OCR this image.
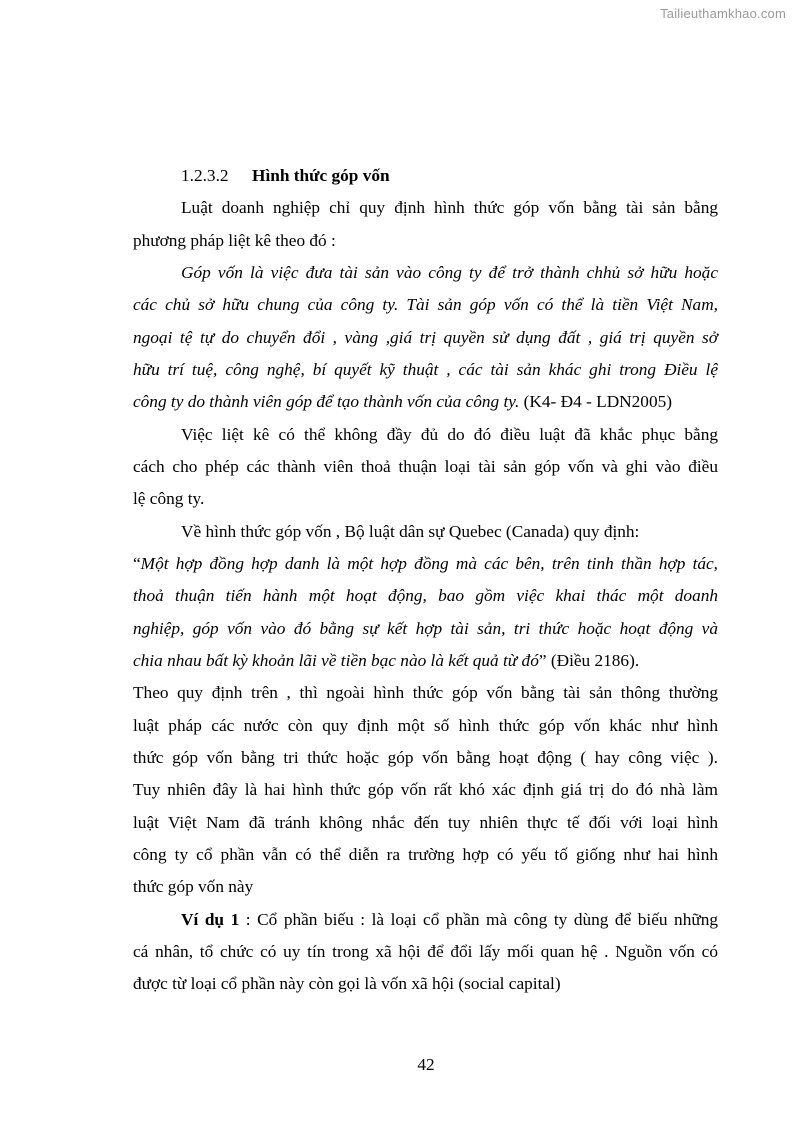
Tailieuthamkhao.com
1.2.3.2 Hình thức góp vốn
Luật doanh nghiệp chỉ quy định hình thức góp vốn bằng tài sản bằng
phương pháp liệt kê theo đó :
Góp vốn là việc đưa tài sản vào công ty để trở thành chhủ sở hữu hoặc
các chủ sở hữu chung của công ty. Tài sản góp vốn có thể là tiền Việt Nam,
ngoại tệ tự do chuyển đổi , vàng ,giá trị quyền sử dụng đất , giá trị quyền sở
hữu trí tuệ, công nghệ, bí quyết kỹ thuật , các tài sản khác ghi trong Điều lệ
công ty do thành viên góp để tạo thành vốn của công ty. (K4- Đ4 - LDN2005)
Việc liệt kê có thể không đầy đủ do đó điều luật đã khắc phục bằng
cách cho phép các thành viên thoả thuận loại tài sản góp vốn và ghi vào điều
lệ công ty.
Về hình thức góp vốn , Bộ luật dân sự Quebec (Canada) quy định:
“Một hợp đồng hợp danh là một hợp đồng mà các bên, trên tinh thần hợp tác,
thoả thuận tiến hành một hoạt động, bao gồm việc khai thác một doanh
nghiệp, góp vốn vào đó bằng sự kết hợp tài sản, tri thức hoặc hoạt động và
chia nhau bất kỳ khoản lãi về tiền bạc nào là kết quả từ đó” (Điều 2186).
Theo quy định trên , thì ngoài hình thức góp vốn bằng tài sản thông thường
luật pháp các nước còn quy định một số hình thức góp vốn khác như hình
thức góp vốn bằng tri thức hoặc góp vốn bằng hoạt động ( hay công việc ).
Tuy nhiên đây là hai hình thức góp vốn rất khó xác định giá trị do đó nhà làm
luật Việt Nam đã tránh không nhắc đến tuy nhiên thực tế đối với loại hình
công ty cổ phần vẫn có thể diễn ra trường hợp có yếu tố giống như hai hình
thức góp vốn này
Ví dụ 1 : Cổ phần biếu : là loại cổ phần mà công ty dùng để biếu những
cá nhân, tổ chức có uy tín trong xã hội để đổi lấy mối quan hệ . Nguồn vốn có
được từ loại cổ phần này còn gọi là vốn xã hội (social capital)
42
